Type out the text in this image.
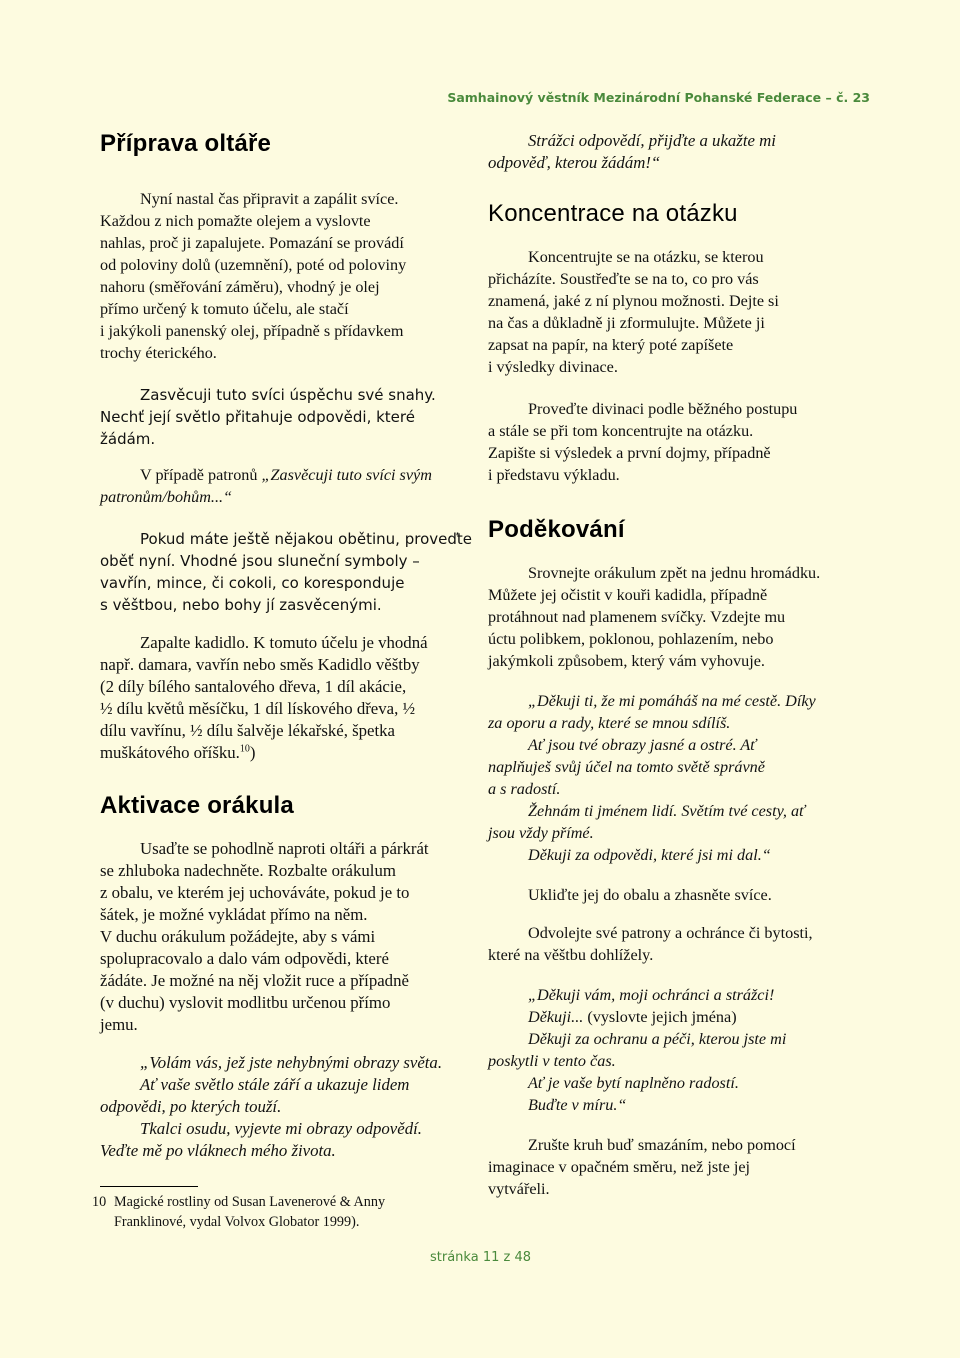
Samhainový věstník Mezinárodní Pohanské Federace – č. 23
Příprava oltáře

Nyní nastal čas připravit a zapálit svíce.
Každou z nich pomažte olejem a vyslovte
nahlas, proč ji zapalujete. Pomazání se provádí
od poloviny dolů (uzemnění), poté od poloviny
nahoru (směřování záměru), vhodný je olej
přímo určený k tomuto účelu, ale stačí
i jakýkoli panenský olej, případně s přídavkem
trochy éterického.

Zasvěcuji tuto svíci úspěchu své snahy.
Nechť její světlo přitahuje odpovědi, které
žádám.

V případě patronů „Zasvěcuji tuto svíci svým
patronům/bohům...“

Pokud máte ještě nějakou obětinu, proveďte
oběť nyní. Vhodné jsou sluneční symboly –
vavřín, mince, či cokoli, co koresponduje
s věštbou, nebo bohy jí zasvěcenými.

Zapalte kadidlo. K tomuto účelu je vhodná
např. damara, vavřín nebo směs Kadidlo věštby
(2 díly bílého santalového dřeva, 1 díl akácie,
½ dílu květů měsíčku, 1 díl lískového dřeva, ½
dílu vavřínu, ½ dílu šalvěje lékařské, špetka
muškátového oříšku.$^{10}$)

Aktivace orákula

Usaďte se pohodlně naproti oltáři a párkrát
se zhluboka nadechněte. Rozbalte orákulum
z obalu, ve kterém jej uchováváte, pokud je to
šátek, je možné vykládat přímo na něm.
V duchu orákulum požádejte, aby s vámi
spolupracovalo a dalo vám odpovědi, které
žádáte. Je možné na něj vložit ruce a případně
(v duchu) vyslovit modlitbu určenou přímo
jemu.

„Volám vás, jež jste nehybnými obrazy světa.
Ať vaše světlo stále září a ukazuje lidem
odpovědi, po kterých touží.
Tkalci osudu, vyjevte mi obrazy odpovědí.
Veďte mě po vláknech mého života.

10 Magické rostliny od Susan Lavenerové & Anny
Franklinové, vydal Volvox Globator 1999).

Strážci odpovědí, přijďte a ukažte mi
odpověď, kterou žádám!“

Koncentrace na otázku

Koncentrujte se na otázku, se kterou
přicházíte. Soustřeďte se na to, co pro vás
znamená, jaké z ní plynou možnosti. Dejte si
na čas a důkladně ji zformulujte. Můžete ji
zapsat na papír, na který poté zapíšete
i výsledky divinace.

Proveďte divinaci podle běžného postupu
a stále se při tom koncentrujte na otázku.
Zapište si výsledek a první dojmy, případně
i představu výkladu.

Poděkování

Srovnejte orákulum zpět na jednu hromádku.
Můžete jej očistit v kouři kadidla, případně
protáhnout nad plamenem svíčky. Vzdejte mu
úctu polibkem, poklonou, pohlazením, nebo
jakýmkoli způsobem, který vám vyhovuje.

„Děkuji ti, že mi pomáháš na mé cestě. Díky
za oporu a rady, které se mnou sdílíš.
Ať jsou tvé obrazy jasné a ostré. Ať
naplňuješ svůj účel na tomto světě správně
a s radostí.
Žehnám ti jménem lidí. Světím tvé cesty, ať
jsou vždy přímé.
Děkuji za odpovědi, které jsi mi dal.“

Ukliďte jej do obalu a zhasněte svíce.

Odvolejte své patrony a ochránce či bytosti,
které na věštbu dohlížely.

„Děkuji vám, moji ochránci a strážci!
Děkuji... (vyslovte jejich jména)
Děkuji za ochranu a péči, kterou jste mi
poskytli v tento čas.
Ať je vaše bytí naplněno radostí.
Buďte v míru.“

Zrušte kruh buď smazáním, nebo pomocí
imaginace v opačném směru, než jste jej
vytvářeli.

stránka 11 z 48
